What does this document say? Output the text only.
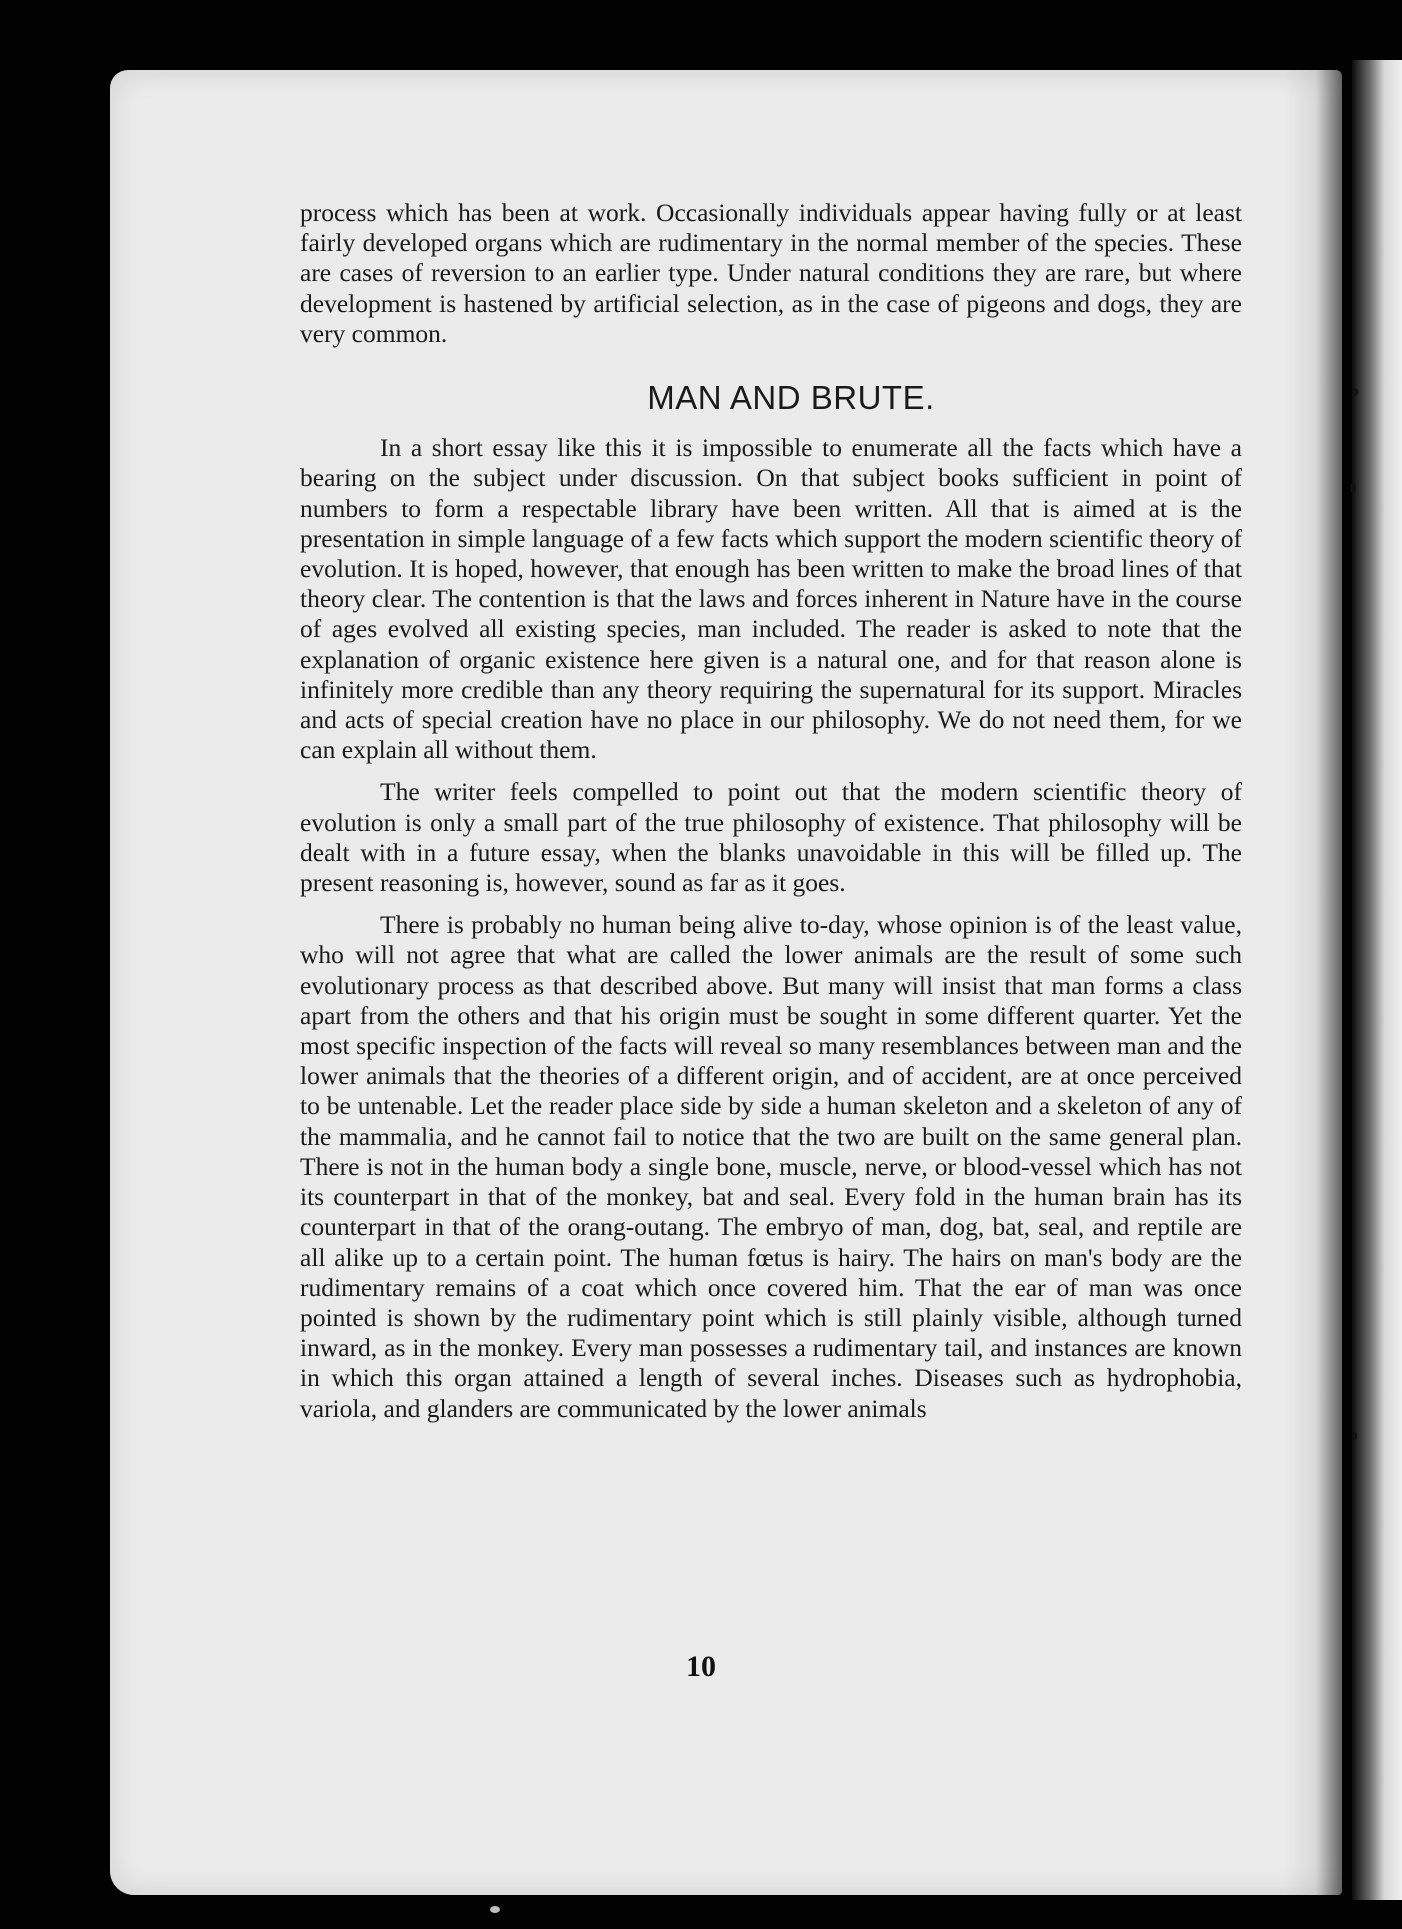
process which has been at work. Occasionally individuals appear having fully or at least fairly developed organs which are rudimentary in the normal member of the species. These are cases of reversion to an earlier type. Under natural conditions they are rare, but where development is hastened by artificial selection, as in the case of pigeons and dogs, they are very common.

MAN AND BRUTE.

In a short essay like this it is impossible to enumerate all the facts which have a bearing on the subject under discussion. On that subject books sufficient in point of numbers to form a respectable library have been written. All that is aimed at is the presentation in simple language of a few facts which support the modern scientific theory of evolution. It is hoped, however, that enough has been written to make the broad lines of that theory clear. The contention is that the laws and forces inherent in Nature have in the course of ages evolved all existing species, man included. The reader is asked to note that the explanation of organic existence here given is a natural one, and for that reason alone is infinitely more credible than any theory requiring the supernatural for its support. Miracles and acts of special creation have no place in our philosophy. We do not need them, for we can explain all without them.

The writer feels compelled to point out that the modern scientific theory of evolution is only a small part of the true philosophy of existence. That philosophy will be dealt with in a future essay, when the blanks unavoidable in this will be filled up. The present reasoning is, however, sound as far as it goes.

There is probably no human being alive to-day, whose opinion is of the least value, who will not agree that what are called the lower animals are the result of some such evolutionary process as that described above. But many will insist that man forms a class apart from the others and that his origin must be sought in some different quarter. Yet the most specific inspection of the facts will reveal so many resemblances between man and the lower animals that the theories of a different origin, and of accident, are at once perceived to be untenable. Let the reader place side by side a human skeleton and a skeleton of any of the mammalia, and he cannot fail to notice that the two are built on the same general plan. There is not in the human body a single bone, muscle, nerve, or blood-vessel which has not its counterpart in that of the monkey, bat and seal. Every fold in the human brain has its counterpart in that of the orang-outang. The embryo of man, dog, bat, seal, and reptile are all alike up to a certain point. The human fœtus is hairy. The hairs on man's body are the rudimentary remains of a coat which once covered him. That the ear of man was once pointed is shown by the rudimentary point which is still plainly visible, although turned inward, as in the monkey. Every man possesses a rudimentary tail, and instances are known in which this organ attained a length of several inches. Diseases such as hydrophobia, variola, and glanders are communicated by the lower animals

10
